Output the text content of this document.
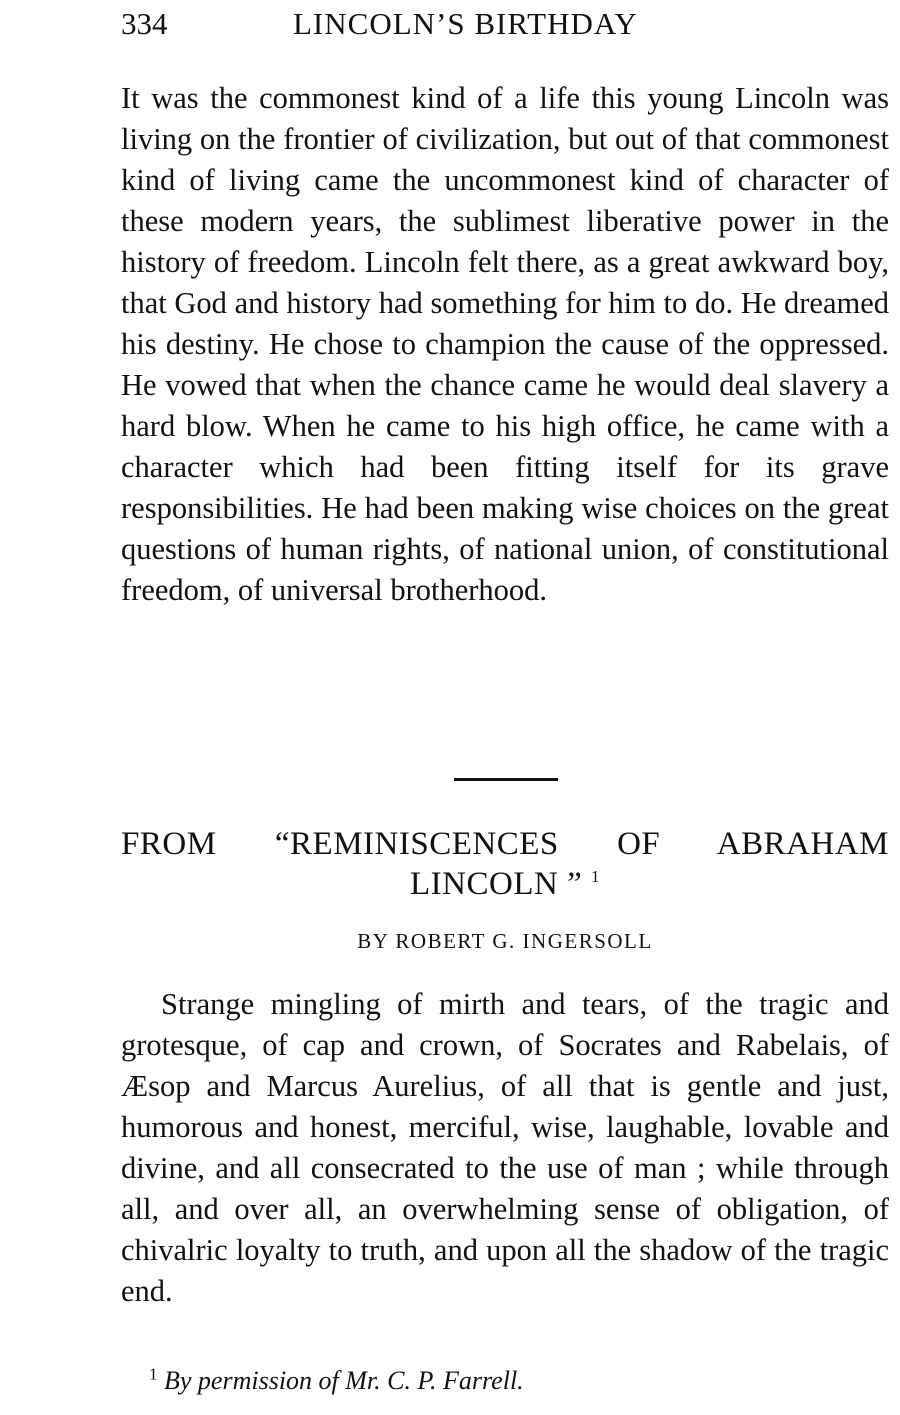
334	LINCOLN’S BIRTHDAY

It was the commonest kind of a life this young Lincoln was living on the frontier of civilization, but out of that commonest kind of living came the uncommonest kind of character of these modern years, the sublimest liberative power in the history of freedom. Lincoln felt there, as a great awkward boy, that God and history had something for him to do. He dreamed his destiny. He chose to champion the cause of the oppressed. He vowed that when the chance came he would deal slavery a hard blow. When he came to his high office, he came with a character which had been fitting itself for its grave responsibilities. He had been making wise choices on the great questions of human rights, of national union, of constitutional freedom, of universal brotherhood.

FROM “REMINISCENCES OF ABRAHAM LINCOLN ” $^1$
BY ROBERT G. INGERSOLL

Strange mingling of mirth and tears, of the tragic and grotesque, of cap and crown, of Socrates and Rabelais, of Æsop and Marcus Aurelius, of all that is gentle and just, humorous and honest, merciful, wise, laughable, lovable and divine, and all consecrated to the use of man ; while through all, and over all, an overwhelming sense of obligation, of chivalric loyalty to truth, and upon all the shadow of the tragic end.

$^1$ By permission of Mr. C. P. Farrell.
